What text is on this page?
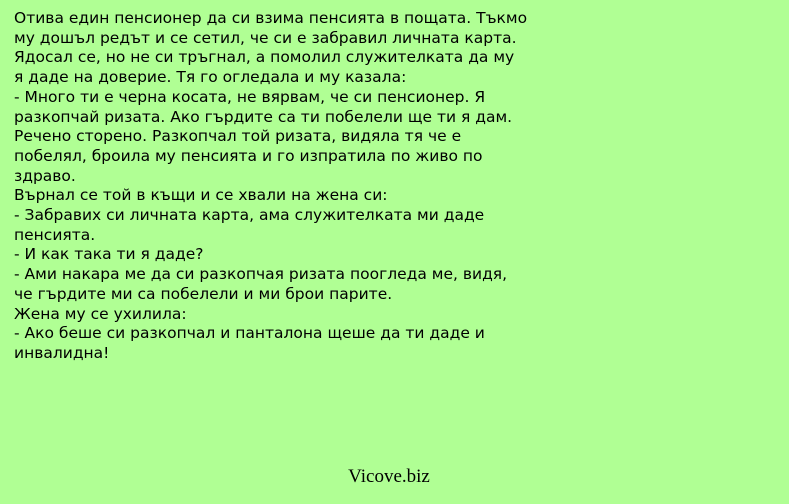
Отива един пенсионер да си взима пенсията в пощата. Тъкмо
му дошъл редът и се сетил, че си е забравил личната карта.
Ядосал се, но не си тръгнал, а помолил служителката да му
я даде на доверие. Тя го огледала и му казала:
- Много ти е черна косата, не вярвам, че си пенсионер. Я
разкопчай ризата. Ако гърдите са ти побелели ще ти я дам.
Речено сторено. Разкопчал той ризата, видяла тя че е
побелял, броила му пенсията и го изпратила по живо по
здраво.
Върнал се той в къщи и се хвали на жена си:
- Забравих си личната карта, ама служителката ми даде
пенсията.
- И как така ти я даде?
- Ами накара ме да си разкопчая ризата поогледа ме, видя,
че гърдите ми са побелели и ми брои парите.
Жена му се ухилила:
- Ако беше си разкопчал и панталона щеше да ти даде и
инвалидна!
Vicove.biz
